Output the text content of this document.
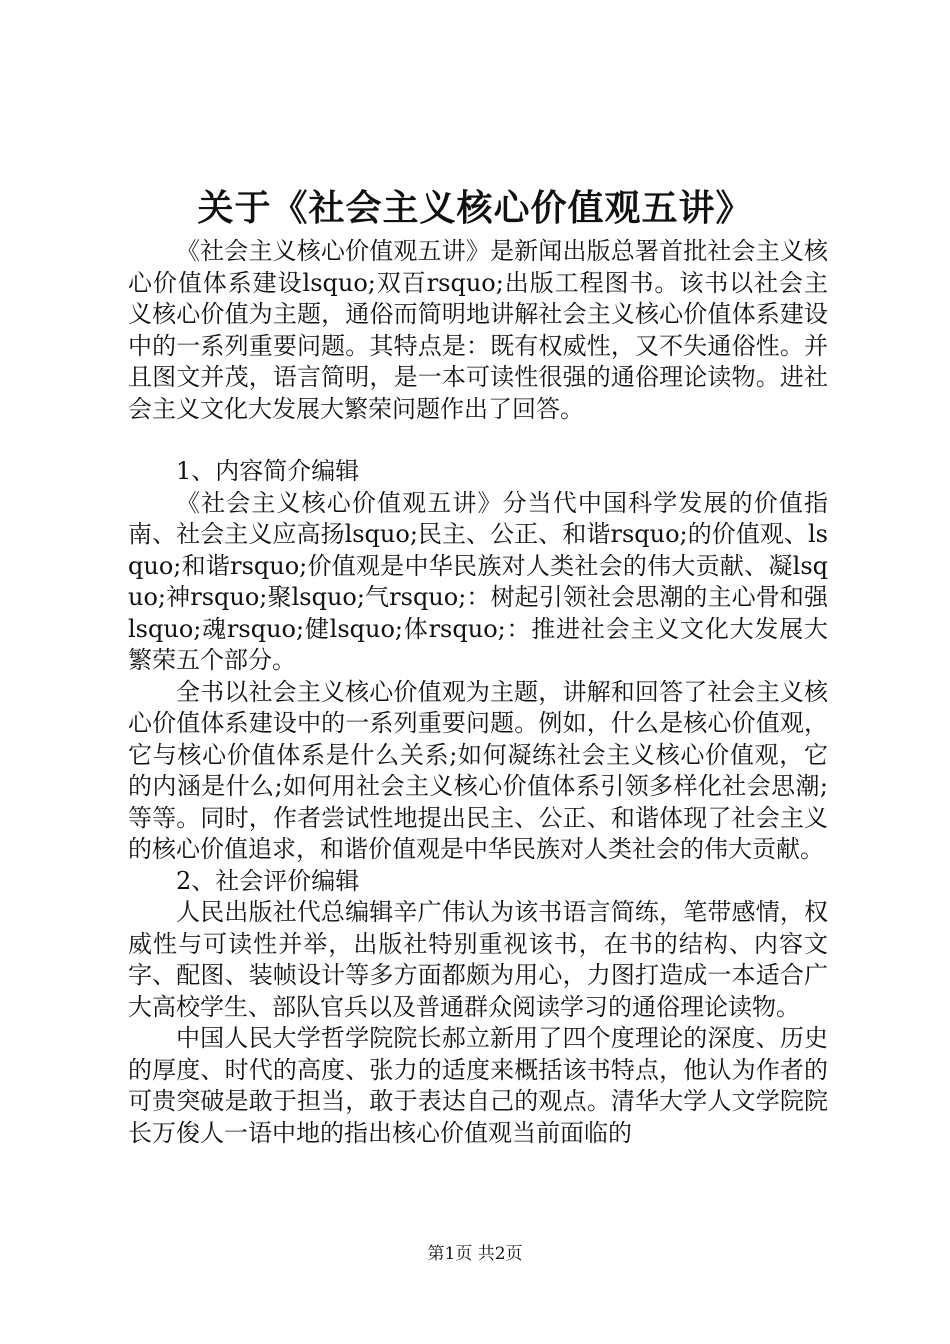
关于《社会主义核心价值观五讲》

《社会主义核心价值观五讲》是新闻出版总署首批社会主义核心价值体系建设lsquo;双百rsquo;出版工程图书。该书以社会主义核心价值为主题，通俗而简明地讲解社会主义核心价值体系建设中的一系列重要问题。其特点是：既有权威性，又不失通俗性。并且图文并茂，语言简明，是一本可读性很强的通俗理论读物。进社会主义文化大发展大繁荣问题作出了回答。

1、内容简介编辑

《社会主义核心价值观五讲》分当代中国科学发展的价值指南、社会主义应高扬lsquo;民主、公正、和谐rsquo;的价值观、lsquo;和谐rsquo;价值观是中华民族对人类社会的伟大贡献、凝lsquo;神rsquo;聚lsquo;气rsquo;：树起引领社会思潮的主心骨和强lsquo;魂rsquo;健lsquo;体rsquo;：推进社会主义文化大发展大繁荣五个部分。

全书以社会主义核心价值观为主题，讲解和回答了社会主义核心价值体系建设中的一系列重要问题。例如，什么是核心价值观，它与核心价值体系是什么关系;如何凝练社会主义核心价值观，它的内涵是什么;如何用社会主义核心价值体系引领多样化社会思潮;等等。同时，作者尝试性地提出民主、公正、和谐体现了社会主义的核心价值追求，和谐价值观是中华民族对人类社会的伟大贡献。

2、社会评价编辑

人民出版社代总编辑辛广伟认为该书语言简练，笔带感情，权威性与可读性并举，出版社特别重视该书，在书的结构、内容文字、配图、装帧设计等多方面都颇为用心，力图打造成一本适合广大高校学生、部队官兵以及普通群众阅读学习的通俗理论读物。

中国人民大学哲学院院长郝立新用了四个度理论的深度、历史的厚度、时代的高度、张力的适度来概括该书特点，他认为作者的可贵突破是敢于担当，敢于表达自己的观点。清华大学人文学院院长万俊人一语中地的指出核心价值观当前面临的

第1页 共2页
